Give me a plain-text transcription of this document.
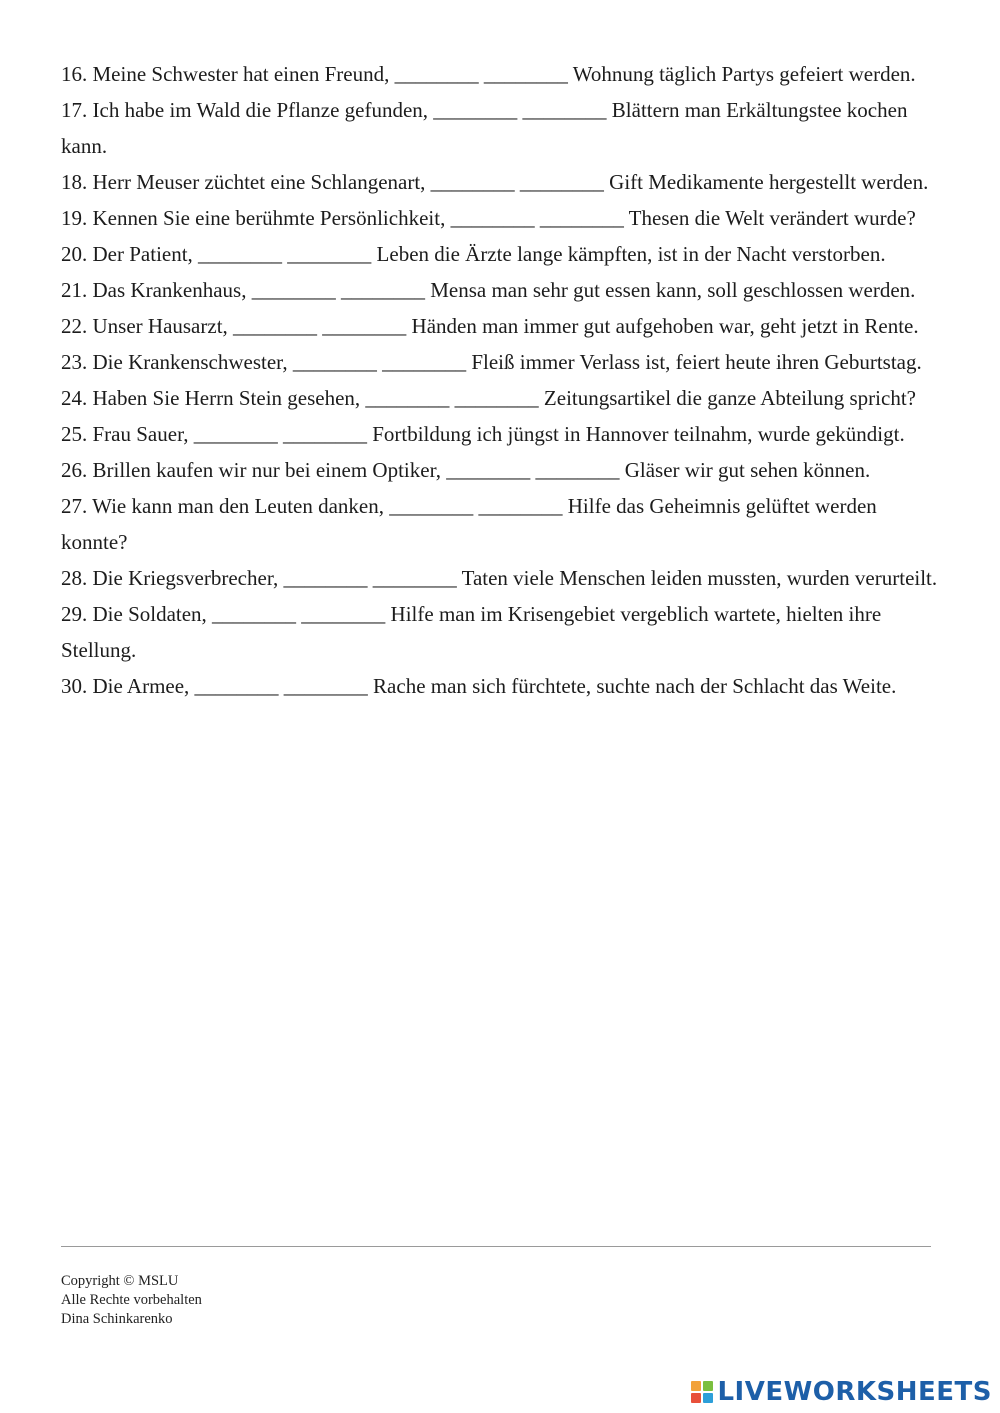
16. Meine Schwester hat einen Freund, ________ ________ Wohnung täglich Partys gefeiert werden.

17. Ich habe im Wald die Pflanze gefunden, ________ ________ Blättern man Erkältungstee kochen kann.

18. Herr Meuser züchtet eine Schlangenart, ________ ________ Gift Medikamente hergestellt werden.

19. Kennen Sie eine berühmte Persönlichkeit, ________ ________ Thesen die Welt verändert wurde?

20. Der Patient, ________ ________ Leben die Ärzte lange kämpften, ist in der Nacht verstorben.

21. Das Krankenhaus, ________ ________ Mensa man sehr gut essen kann, soll geschlossen werden.

22. Unser Hausarzt, ________ ________ Händen man immer gut aufgehoben war, geht jetzt in Rente.

23. Die Krankenschwester, ________ ________ Fleiß immer Verlass ist, feiert heute ihren Geburtstag.

24. Haben Sie Herrn Stein gesehen, ________ ________ Zeitungsartikel die ganze Abteilung spricht?

25. Frau Sauer, ________ ________ Fortbildung ich jüngst in Hannover teilnahm, wurde gekündigt.

26. Brillen kaufen wir nur bei einem Optiker, ________ ________ Gläser wir gut sehen können.

27. Wie kann man den Leuten danken, ________ ________ Hilfe das Geheimnis gelüftet werden konnte?

28. Die Kriegsverbrecher, ________ ________ Taten viele Menschen leiden mussten, wurden verurteilt.

29. Die Soldaten, ________ ________ Hilfe man im Krisengebiet vergeblich wartete, hielten ihre Stellung.

30. Die Armee, ________ ________ Rache man sich fürchtete, suchte nach der Schlacht das Weite.

Copyright © MSLU
Alle Rechte vorbehalten
Dina Schinkarenko
LIVEWORKSHEETS
